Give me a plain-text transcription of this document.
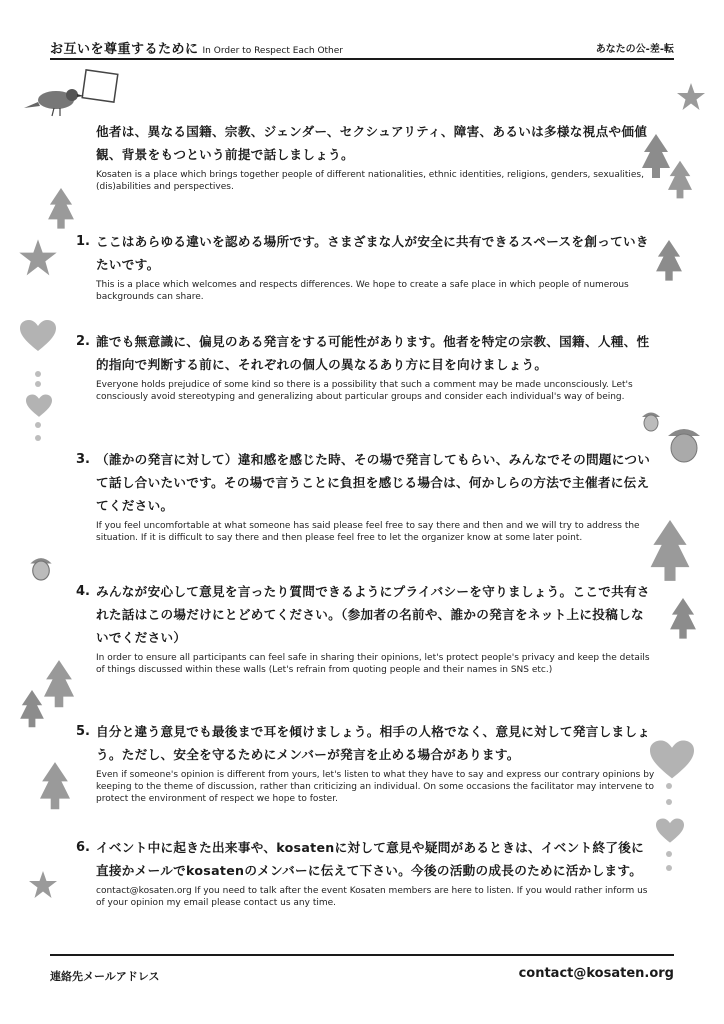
お互いを尊重するために In Order to Respect Each Other	あなたの公-差-転
他者は、異なる国籍、宗教、ジェンダー、セクシュアリティ、障害、あるいは多様な視点や価値観、背景をもつという前提で話しましょう。
Kosaten is a place which brings together people of different nationalities, ethnic identities, religions, genders, sexualities, (dis)abilities and perspectives.
1. ここはあらゆる違いを認める場所です。さまざまな人が安全に共有できるスペースを創っていきたいです。
This is a place which welcomes and respects differences. We hope to create a safe place in which people of numerous backgrounds can share.
2. 誰でも無意識に、偏見のある発言をする可能性があります。他者を特定の宗教、国籍、人種、性的指向で判断する前に、それぞれの個人の異なるあり方に目を向けましょう。
Everyone holds prejudice of some kind so there is a possibility that such a comment may be made unconsciously. Let's consciously avoid stereotyping and generalizing about particular groups and consider each individual's way of being.
3. （誰かの発言に対して）違和感を感じた時、その場で発言してもらい、みんなでその問題について話し合いたいです。その場で言うことに負担を感じる場合は、何かしらの方法で主催者に伝えてください。
If you feel uncomfortable at what someone has said please feel free to say there and then and we will try to address the situation. If it is difficult to say there and then please feel free to let the organizer know at some later point.
4. みんなが安心して意見を言ったり質問できるようにプライバシーを守りましょう。ここで共有された話はこの場だけにとどめてください。（参加者の名前や、誰かの発言をネット上に投稿しないでください）
In order to ensure all participants can feel safe in sharing their opinions, let's protect people's privacy and keep the details of things discussed within these walls (Let's refrain from quoting people and their names in SNS etc.)
5. 自分と違う意見でも最後まで耳を傾けましょう。相手の人格でなく、意見に対して発言しましょう。ただし、安全を守るためにメンバーが発言を止める場合があります。
Even if someone's opinion is different from yours, let's listen to what they have to say and express our contrary opinions by keeping to the theme of discussion, rather than criticizing an individual. On some occasions the facilitator may intervene to protect the environment of respect we hope to foster.
6. イベント中に起きた出来事や、kosatenに対して意見や疑問があるときは、イベント終了後に直接かメールでkosatenのメンバーに伝えて下さい。今後の活動の成長のために活かします。
contact@kosaten.org If you need to talk after the event Kosaten members are here to listen. If you would rather inform us of your opinion my email please contact us any time.
連絡先メールアドレス	contact@kosaten.org
